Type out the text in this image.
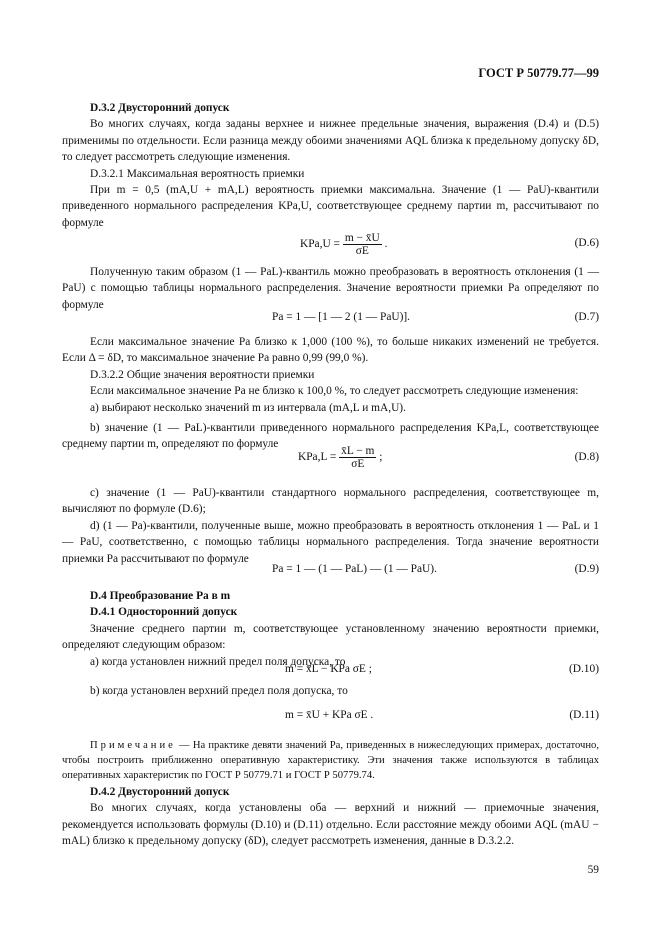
ГОСТ Р 50779.77—99
D.3.2 Двусторонний допуск
Во многих случаях, когда заданы верхнее и нижнее предельные значения, выражения (D.4) и (D.5) применимы по отдельности. Если разница между обоими значениями AQL близка к предельному допуску δD, то следует рассмотреть следующие изменения.
D.3.2.1 Максимальная вероятность приемки
При m = 0,5 (mA,U + mA,L) вероятность приемки максимальна. Значение (1 — PaU)-квантили приведенного нормального распределения KPa,U, соответствующее среднему партии m, рассчитывают по формуле
$KPa,U = \frac{m - x̄U}{\sigma E}$ .	(D.6)
Полученную таким образом (1 — PaL)-квантиль можно преобразовать в вероятность отклонения (1 — PaU) с помощью таблицы нормального распределения. Значение вероятности приемки Pa определяют по формуле
Pa = 1 — [1 — 2 (1 — PaU)].	(D.7)
Если максимальное значение Pa близко к 1,000 (100 %), то больше никаких изменений не требуется. Если Δ = δD, то максимальное значение Pa равно 0,99 (99,0 %).
D.3.2.2 Общие значения вероятности приемки
Если максимальное значение Pa не близко к 100,0 %, то следует рассмотреть следующие изменения:
а) выбирают несколько значений m из интервала (mA,L и mA,U).
b) значение (1 — PaL)-квантили приведенного нормального распределения KPa,L, соответствующее среднему партии m, определяют по формуле
$KPa,L = \frac{x̄L - m}{\sigma E}$ ;	(D.8)
c) значение (1 — PaU)-квантили стандартного нормального распределения, соответствующее m, вычисляют по формуле (D.6);
d) (1 — Pa)-квантили, полученные выше, можно преобразовать в вероятность отклонения 1 — PaL и 1 — PaU, соответственно, с помощью таблицы нормального распределения. Тогда значение вероятности приемки Pa рассчитывают по формуле
Pa = 1 — (1 — PaL) — (1 — PaU).	(D.9)
D.4 Преобразование Pa в m
D.4.1 Односторонний допуск
Значение среднего партии m, соответствующее установленному значению вероятности приемки, определяют следующим образом:
а) когда установлен нижний предел поля допуска, то
m = x̄L − KPa σE ;	(D.10)
b) когда установлен верхний предел поля допуска, то
m = x̄U + KPa σE .	(D.11)
Примечание — На практике девяти значений Pa, приведенных в нижеследующих примерах, достаточно, чтобы построить приближенно оперативную характеристику. Эти значения также используются в таблицах оперативных характеристик по ГОСТ Р 50779.71 и ГОСТ Р 50779.74.
D.4.2 Двусторонний допуск
Во многих случаях, когда установлены оба — верхний и нижний — приемочные значения, рекомендуется использовать формулы (D.10) и (D.11) отдельно. Если расстояние между обоими AQL (mAU − mAL) близко к предельному допуску (δD), следует рассмотреть изменения, данные в D.3.2.2.
59
